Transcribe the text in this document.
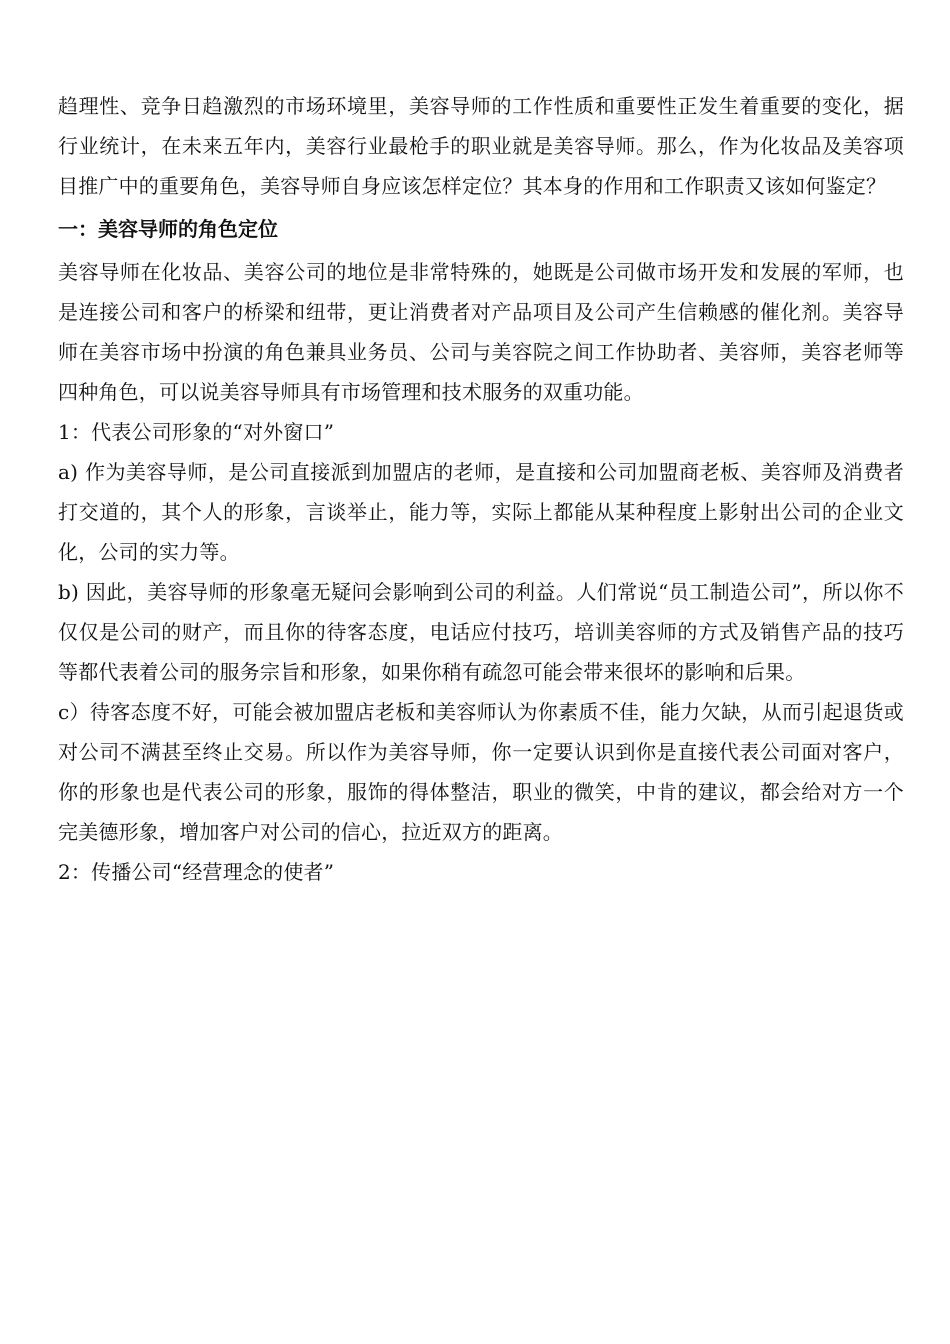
趋理性、竞争日趋激烈的市场环境里，美容导师的工作性质和重要性正发生着重要的变化，据行业统计，在未来五年内，美容行业最枪手的职业就是美容导师。那么，作为化妆品及美容项目推广中的重要角色，美容导师自身应该怎样定位？其本身的作用和工作职责又该如何鉴定？

一：美容导师的角色定位

美容导师在化妆品、美容公司的地位是非常特殊的，她既是公司做市场开发和发展的军师，也是连接公司和客户的桥梁和纽带，更让消费者对产品项目及公司产生信赖感的催化剂。美容导师在美容市场中扮演的角色兼具业务员、公司与美容院之间工作协助者、美容师，美容老师等四种角色，可以说美容导师具有市场管理和技术服务的双重功能。

1：代表公司形象的“对外窗口”

a) 作为美容导师，是公司直接派到加盟店的老师，是直接和公司加盟商老板、美容师及消费者打交道的，其个人的形象，言谈举止，能力等，实际上都能从某种程度上影射出公司的企业文化，公司的实力等。

b) 因此，美容导师的形象毫无疑问会影响到公司的利益。人们常说“员工制造公司”，所以你不仅仅是公司的财产，而且你的待客态度，电话应付技巧，培训美容师的方式及销售产品的技巧等都代表着公司的服务宗旨和形象，如果你稍有疏忽可能会带来很坏的影响和后果。

c）待客态度不好，可能会被加盟店老板和美容师认为你素质不佳，能力欠缺，从而引起退货或对公司不满甚至终止交易。所以作为美容导师，你一定要认识到你是直接代表公司面对客户，你的形象也是代表公司的形象，服饰的得体整洁，职业的微笑，中肯的建议，都会给对方一个完美德形象，增加客户对公司的信心，拉近双方的距离。

2：传播公司“经营理念的使者”
